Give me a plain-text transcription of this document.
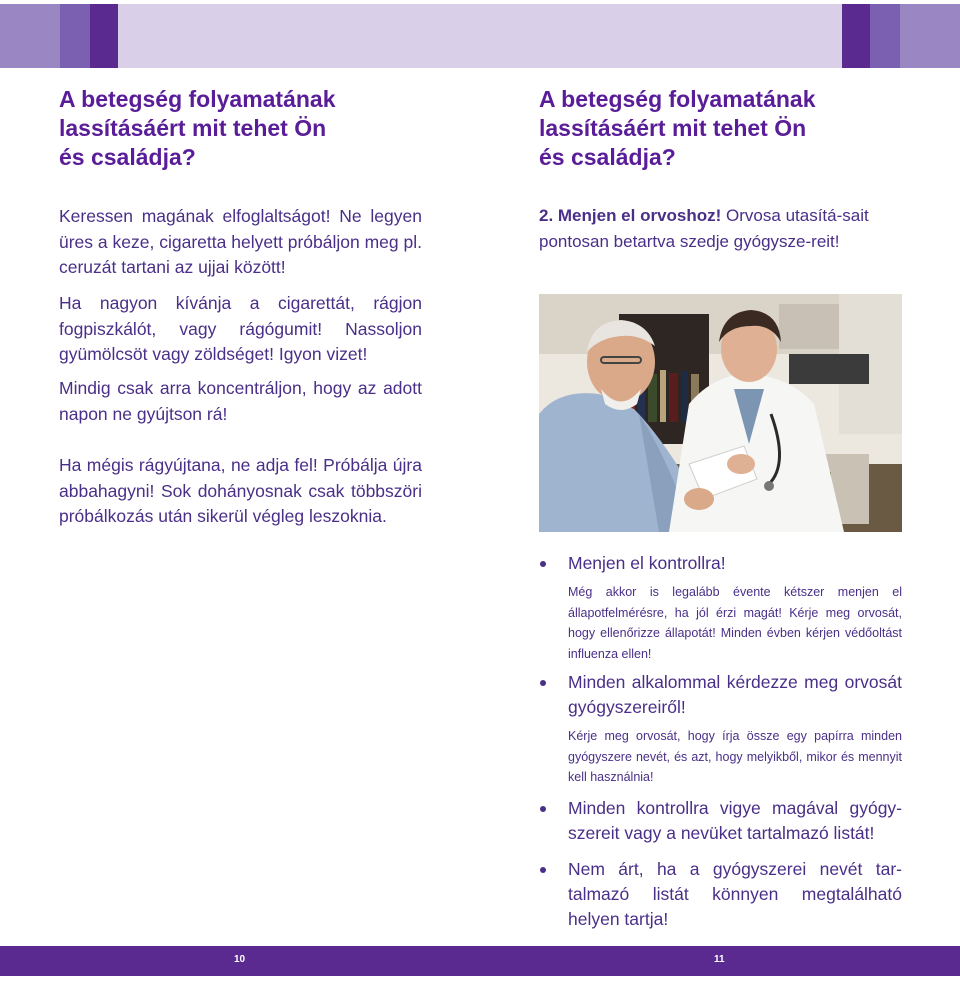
A betegség folyamatának
lassításáért mit tehet Ön
és családja?
Keressen magának elfoglaltságot! Ne legyen üres a keze, cigaretta helyett próbáljon meg pl. ceruzát tartani az ujjai között!
Ha nagyon kívánja a cigarettát, rágjon fogpiszkálót, vagy rágógumit! Nassoljon gyümölcsöt vagy zöldséget! Igyon vizet!
Mindig csak arra koncentráljon, hogy az adott napon ne gyújtson rá!
Ha mégis rágyújtana, ne adja fel! Próbálja újra abbahagyni! Sok dohányosnak csak többszöri próbálkozás után sikerül végleg leszoknia.
A betegség folyamatának
lassításáért mit tehet Ön
és családja?
2. Menjen el orvoshoz! Orvosa utasítá-sait pontosan betartva szedje gyógysze-reit!
Menjen el kontrollra!
Még akkor is legalább évente kétszer menjen el állapotfelmérésre, ha jól érzi magát! Kérje meg orvosát, hogy ellenőrizze állapotát! Minden évben kérjen védőoltást influenza ellen!
Minden alkalommal kérdezze meg orvosát gyógyszereiről!
Kérje meg orvosát, hogy írja össze egy papírra minden gyógyszere nevét, és azt, hogy melyikből, mikor és mennyit kell használnia!
Minden kontrollra vigye magával gyógy-szereit vagy a nevüket tartalmazó listát!
Nem árt, ha a gyógyszerei nevét tar-talmazó listát könnyen megtalálható helyen tartja!
10	11
